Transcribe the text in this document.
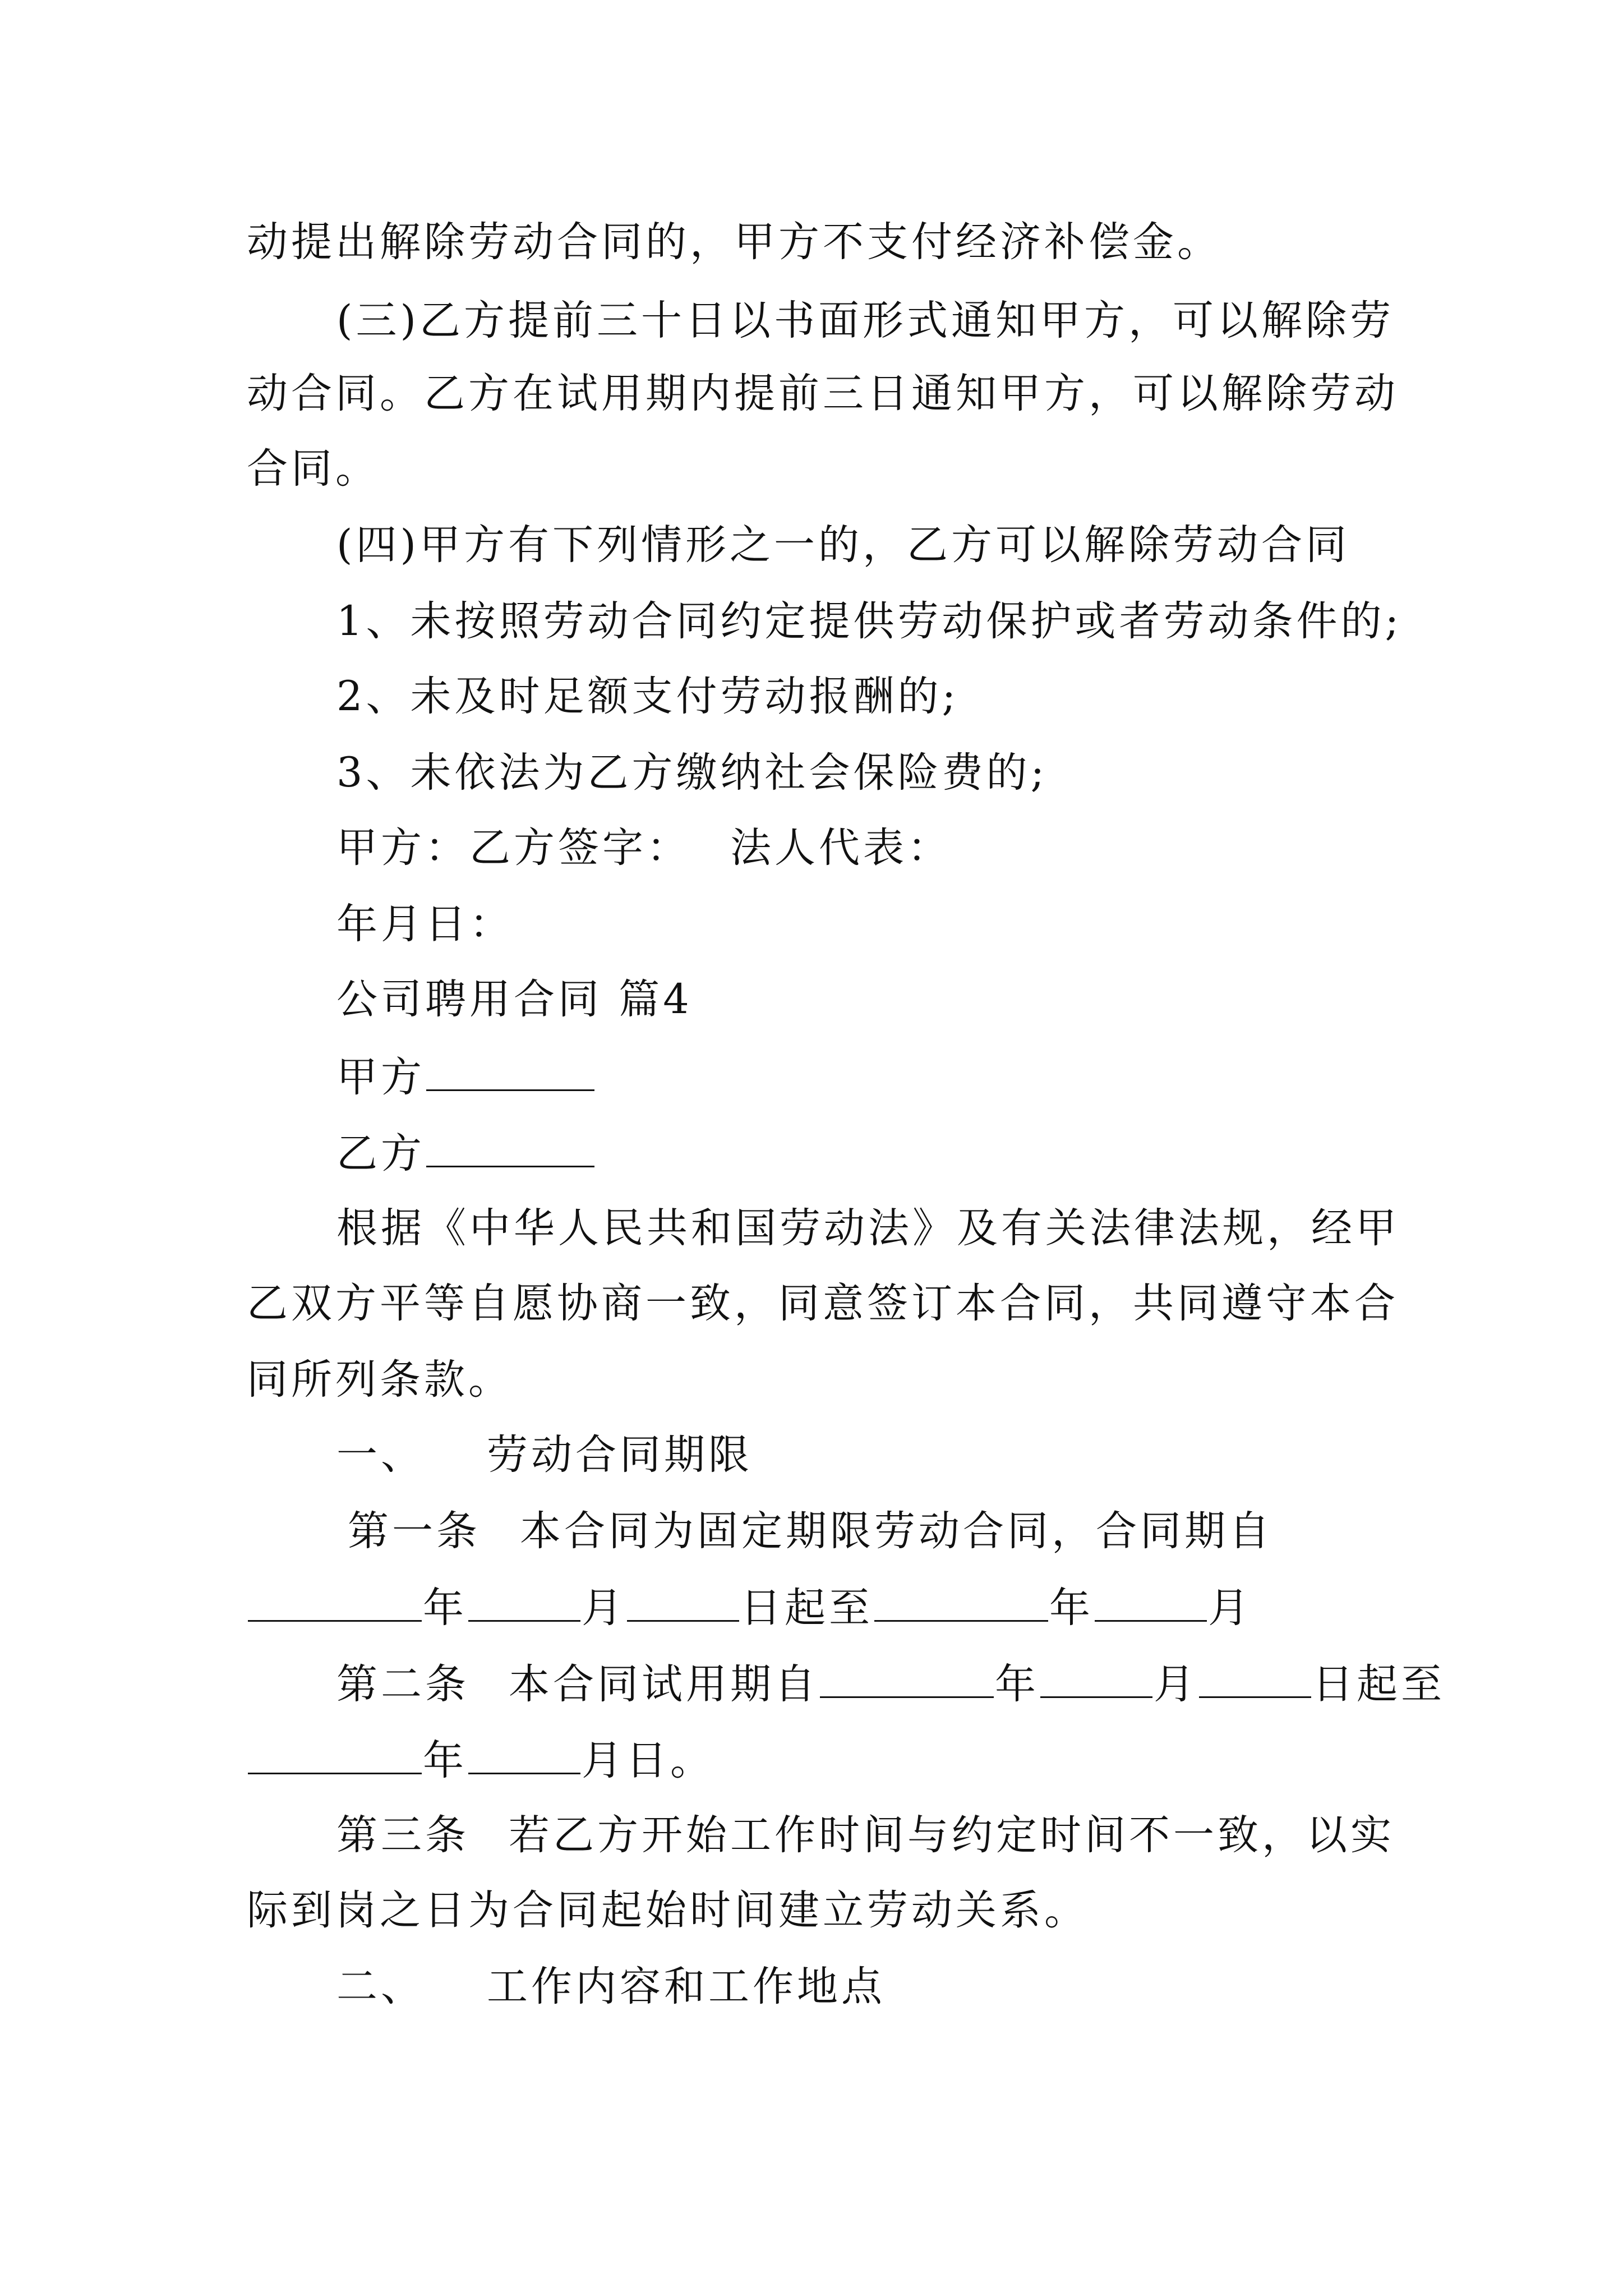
动提出解除劳动合同的，甲方不支付经济补偿金。
(三)乙方提前三十日以书面形式通知甲方，可以解除劳
动合同。乙方在试用期内提前三日通知甲方，可以解除劳动
合同。
(四)甲方有下列情形之一的，乙方可以解除劳动合同
1、未按照劳动合同约定提供劳动保护或者劳动条件的;
2、未及时足额支付劳动报酬的;
3、未依法为乙方缴纳社会保险费的;
甲方：乙方签字： 法人代表：
年月日：
公司聘用合同 篇4
甲方
乙方
根据《中华人民共和国劳动法》及有关法律法规，经甲
乙双方平等自愿协商一致，同意签订本合同，共同遵守本合
同所列条款。
一、 劳动合同期限
第一条 本合同为固定期限劳动合同，合同期自
年	月	日起至	年	月
第二条 本合同试用期自	年	月	日起至
年	月日。
第三条 若乙方开始工作时间与约定时间不一致，以实
际到岗之日为合同起始时间建立劳动关系。
二、 工作内容和工作地点
